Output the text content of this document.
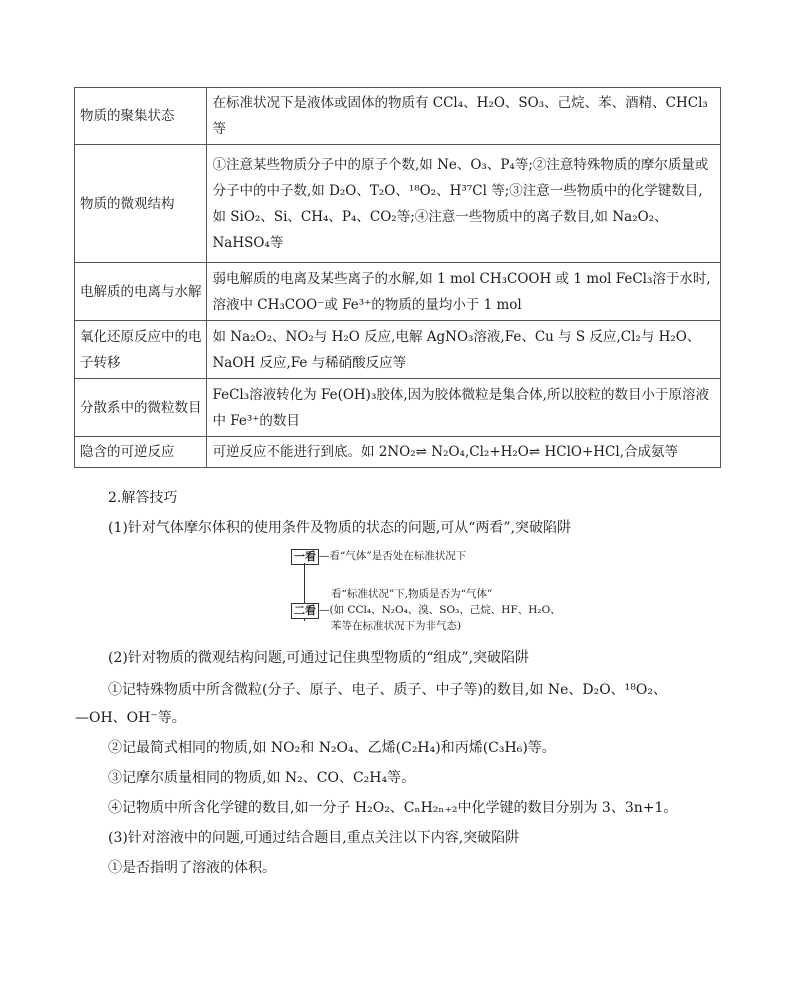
物质的聚集状态	在标准状况下是液体或固体的物质有 CCl₄、H₂O、SO₃、己烷、苯、酒精、CHCl₃等
物质的微观结构	①注意某些物质分子中的原子个数,如 Ne、O₃、P₄等;②注意特殊物质的摩尔质量或分子中的中子数,如 D₂O、T₂O、¹⁸O₂、H³⁷Cl 等;③注意一些物质中的化学键数目,如 SiO₂、Si、CH₄、P₄、CO₂等;④注意一些物质中的离子数目,如 Na₂O₂、NaHSO₄等
电解质的电离与水解	弱电解质的电离及某些离子的水解,如 1 mol CH₃COOH 或 1 mol FeCl₃溶于水时,溶液中 CH₃COO⁻或 Fe³⁺的物质的量均小于 1 mol
氧化还原反应中的电子转移	如 Na₂O₂、NO₂与 H₂O 反应,电解 AgNO₃溶液,Fe、Cu 与 S 反应,Cl₂与 H₂O、NaOH 反应,Fe 与稀硝酸反应等
分散系中的微粒数目	FeCl₃溶液转化为 Fe(OH)₃胶体,因为胶体微粒是集合体,所以胶粒的数目小于原溶液中 Fe³⁺的数目
隐含的可逆反应	可逆反应不能进行到底。如 2NO₂⇌ N₂O₄,Cl₂+H₂O⇌ HClO+HCl,合成氨等
2.解答技巧
(1)针对气体摩尔体积的使用条件及物质的状态的问题,可从“两看”,突破陷阱
一看 —看“气体”是否处在标准状况下
二看
看“标准状况”下,物质是否为“气体”
—(如 CCl₄、N₂O₄、溴、SO₃、己烷、HF、H₂O、
苯等在标准状况下为非气态)
(2)针对物质的微观结构问题,可通过记住典型物质的“组成”,突破陷阱
①记特殊物质中所含微粒(分子、原子、电子、质子、中子等)的数目,如 Ne、D₂O、¹⁸O₂、
—OH、OH⁻等。
②记最简式相同的物质,如 NO₂和 N₂O₄、乙烯(C₂H₄)和丙烯(C₃H₆)等。
③记摩尔质量相同的物质,如 N₂、CO、C₂H₄等。
④记物质中所含化学键的数目,如一分子 H₂O₂、CₙH₂ₙ₊₂中化学键的数目分别为 3、3n+1。
(3)针对溶液中的问题,可通过结合题目,重点关注以下内容,突破陷阱
①是否指明了溶液的体积。
